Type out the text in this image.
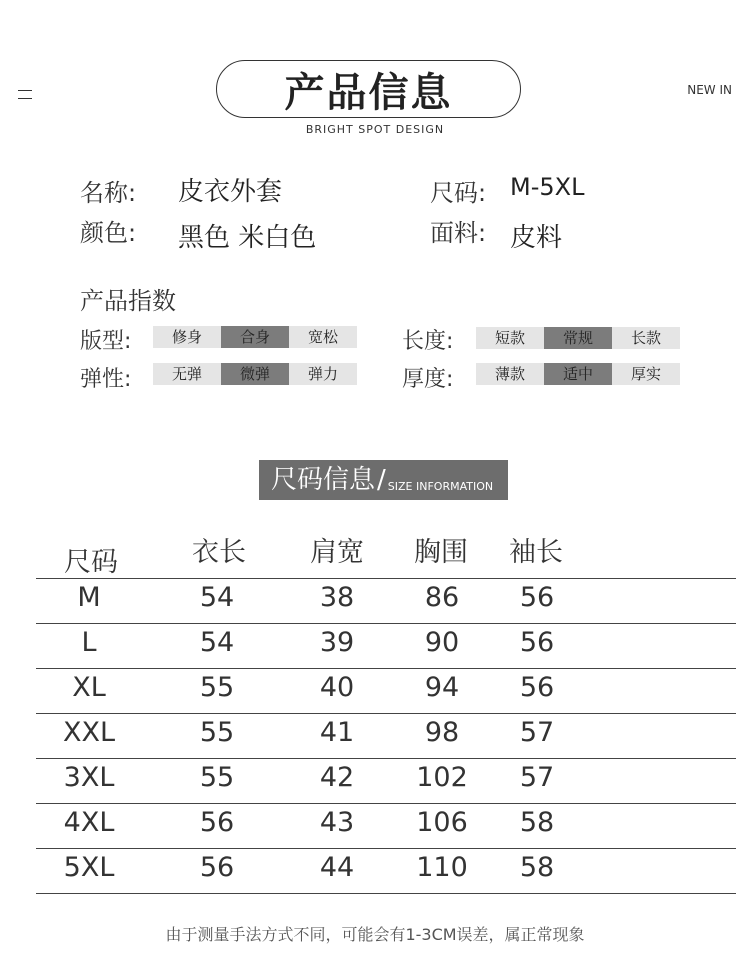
产品信息
BRIGHT SPOT DESIGN
NEW IN
名称: 皮衣外套
颜色: 黑色 米白色
尺码: M-5XL
面料: 皮料
产品指数
版型:	修身	合身	宽松
弹性:	无弹	微弹	弹力
长度:	短款	常规	长款
厚度:	薄款	适中	厚实
尺码信息 / SIZE INFORMATION
尺码	衣长	肩宽	胸围	袖长
M	54	38	86	56
L	54	39	90	56
XL	55	40	94	56
XXL	55	41	98	57
3XL	55	42	102	57
4XL	56	43	106	58
5XL	56	44	110	58
由于测量手法方式不同，可能会有1-3CM误差，属正常现象
